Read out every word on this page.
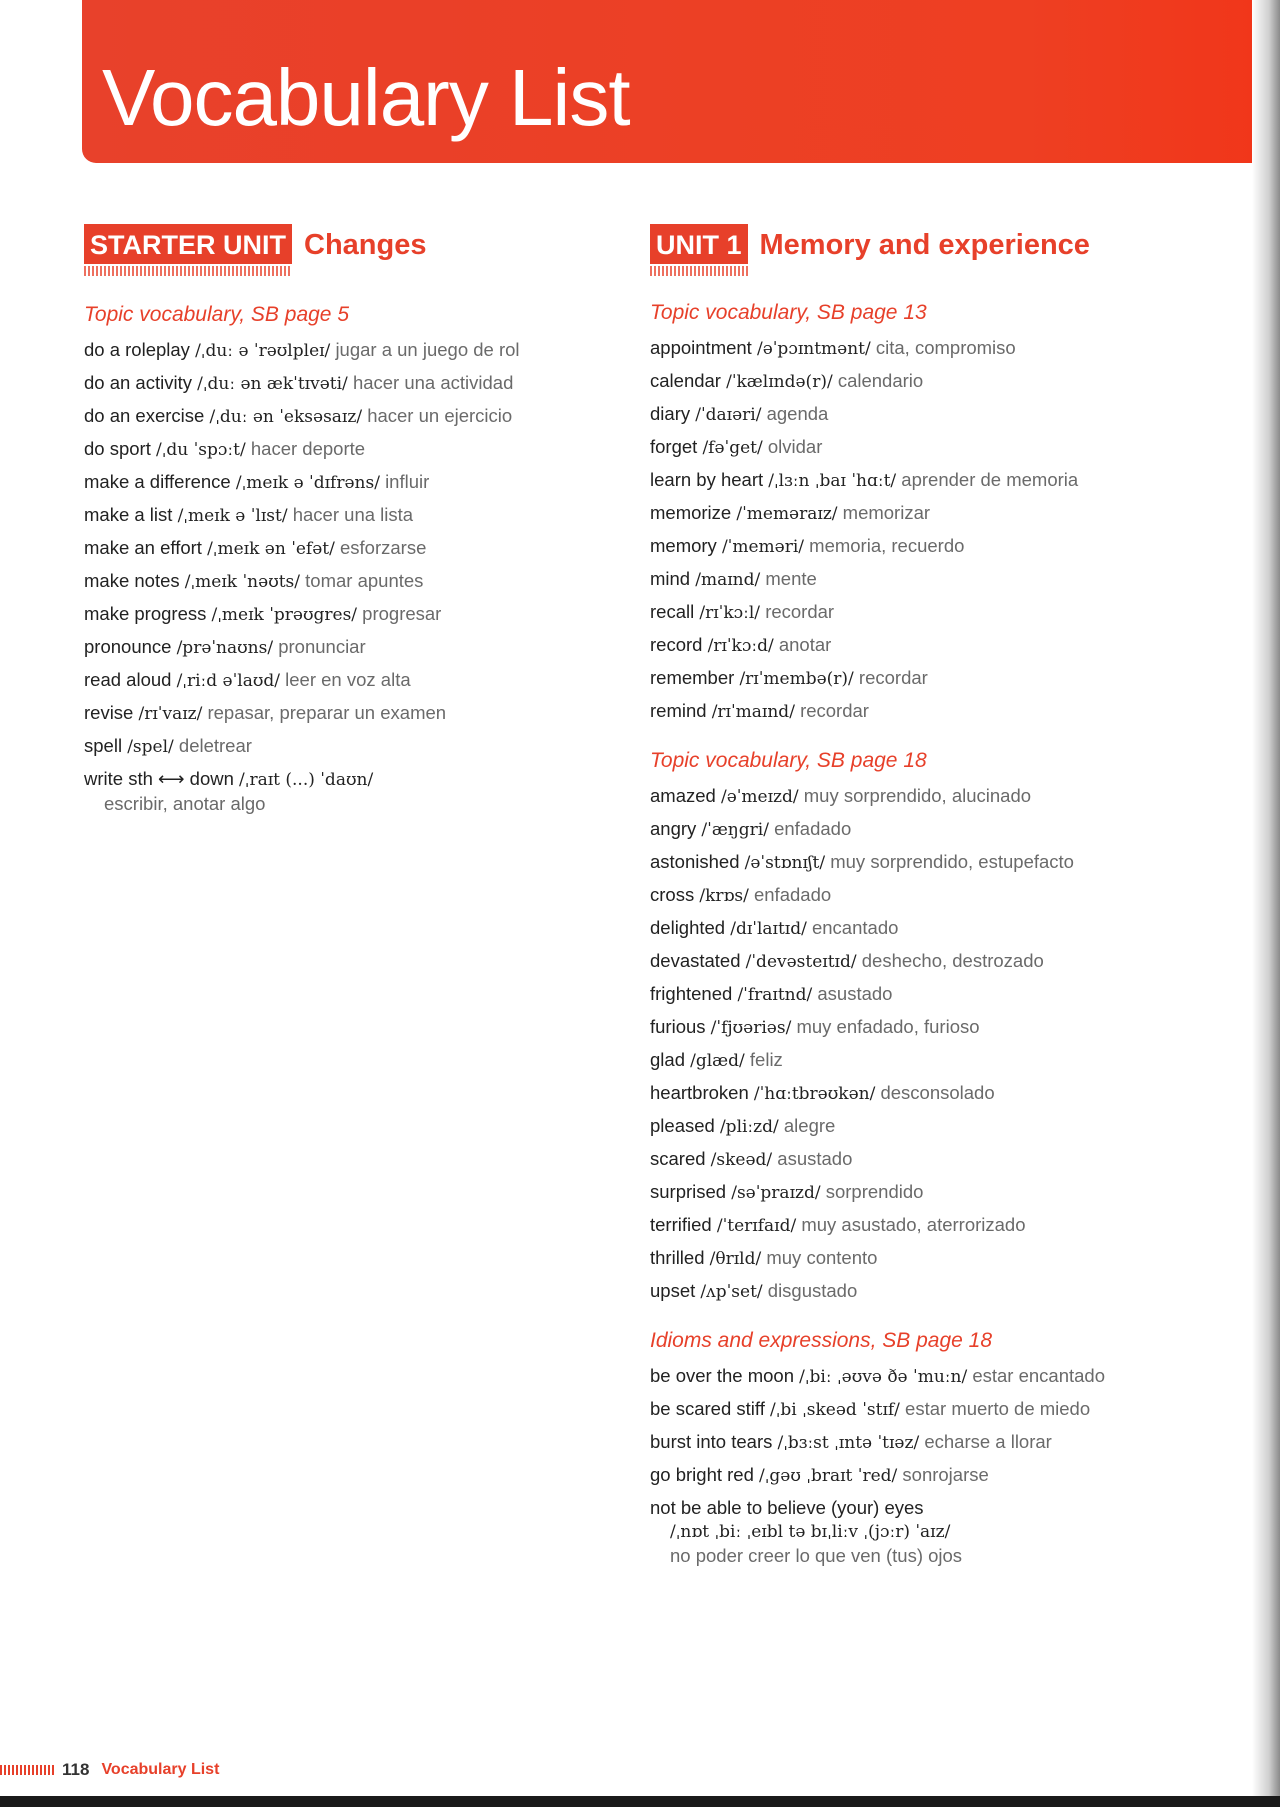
Vocabulary List
STARTER UNIT Changes
Topic vocabulary, SB page 5
do a roleplay /ˌduː ə ˈrəʊlpleɪ/ jugar a un juego de rol
do an activity /ˌduː ən ækˈtɪvəti/ hacer una actividad
do an exercise /ˌduː ən ˈeksəsaɪz/ hacer un ejercicio
do sport /ˌdu ˈspɔːt/ hacer deporte
make a difference /ˌmeɪk ə ˈdɪfrəns/ influir
make a list /ˌmeɪk ə ˈlɪst/ hacer una lista
make an effort /ˌmeɪk ən ˈefət/ esforzarse
make notes /ˌmeɪk ˈnəʊts/ tomar apuntes
make progress /ˌmeɪk ˈprəʊgres/ progresar
pronounce /prəˈnaʊns/ pronunciar
read aloud /ˌriːd əˈlaʊd/ leer en voz alta
revise /rɪˈvaɪz/ repasar, preparar un examen
spell /spel/ deletrear
write sth ⟷ down /ˌraɪt (...) ˈdaʊn/
escribir, anotar algo
UNIT 1 Memory and experience
Topic vocabulary, SB page 13
appointment /əˈpɔɪntmənt/ cita, compromiso
calendar /ˈkælɪndə(r)/ calendario
diary /ˈdaɪəri/ agenda
forget /fəˈget/ olvidar
learn by heart /ˌlɜːn ˌbaɪ ˈhɑːt/ aprender de memoria
memorize /ˈmeməraɪz/ memorizar
memory /ˈmeməri/ memoria, recuerdo
mind /maɪnd/ mente
recall /rɪˈkɔːl/ recordar
record /rɪˈkɔːd/ anotar
remember /rɪˈmembə(r)/ recordar
remind /rɪˈmaɪnd/ recordar
Topic vocabulary, SB page 18
amazed /əˈmeɪzd/ muy sorprendido, alucinado
angry /ˈæŋgri/ enfadado
astonished /əˈstɒnɪʃt/ muy sorprendido, estupefacto
cross /krɒs/ enfadado
delighted /dɪˈlaɪtɪd/ encantado
devastated /ˈdevəsteɪtɪd/ deshecho, destrozado
frightened /ˈfraɪtnd/ asustado
furious /ˈfjʊəriəs/ muy enfadado, furioso
glad /glæd/ feliz
heartbroken /ˈhɑːtbrəʊkən/ desconsolado
pleased /pliːzd/ alegre
scared /skeəd/ asustado
surprised /səˈpraɪzd/ sorprendido
terrified /ˈterɪfaɪd/ muy asustado, aterrorizado
thrilled /θrɪld/ muy contento
upset /ʌpˈset/ disgustado
Idioms and expressions, SB page 18
be over the moon /ˌbiː ˌəʊvə ðə ˈmuːn/ estar encantado
be scared stiff /ˌbi ˌskeəd ˈstɪf/ estar muerto de miedo
burst into tears /ˌbɜːst ˌɪntə ˈtɪəz/ echarse a llorar
go bright red /ˌgəʊ ˌbraɪt ˈred/ sonrojarse
not be able to believe (your) eyes
/ˌnɒt ˌbiː ˌeɪbl tə bɪˌliːv ˌ(jɔːr) ˈaɪz/
no poder creer lo que ven (tus) ojos
118 Vocabulary List
